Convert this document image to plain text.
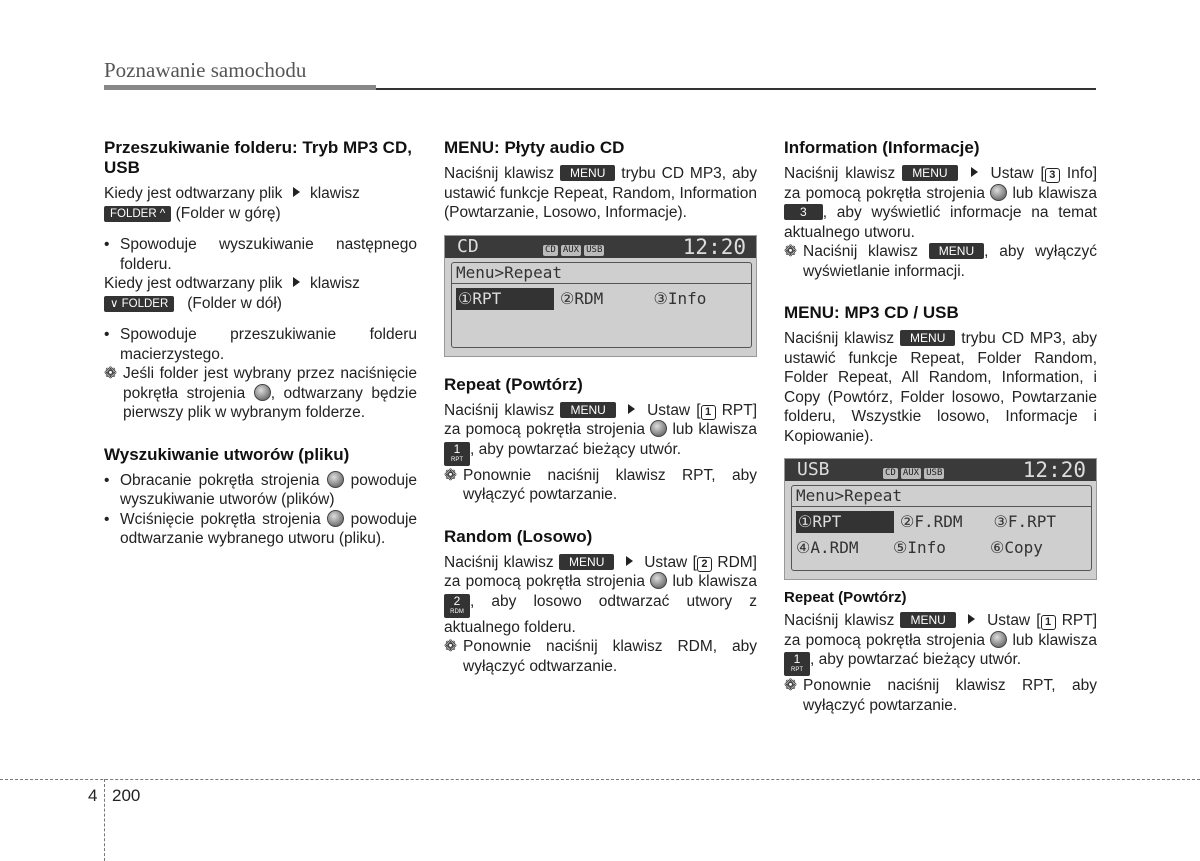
Poznawanie samochodu
Przeszukiwanie folderu: Tryb MP3 CD, USB

Kiedy jest odtwarzany plik klawisz
FOLDER ^ (Folder w górę)

• Spowoduje wyszukiwanie następnego folderu.

Kiedy jest odtwarzany plik klawisz
∨ FOLDER (Folder w dół)

• Spowoduje przeszukiwanie folderu macierzystego.
❁ Jeśli folder jest wybrany przez naciśnięcie pokrętła strojenia , odtwarzany będzie pierwszy plik w wybranym folderze.
Wyszukiwanie utworów (pliku)
• Obracanie pokrętła strojenia powoduje wyszukiwanie utworów (plików)
• Wciśnięcie pokrętła strojenia powoduje odtwarzanie wybranego utworu (pliku).
MENU: Płyty audio CD

Naciśnij klawisz MENU trybu CD MP3, aby ustawić funkcje Repeat, Random, Information (Powtarzanie, Losowo, Informacje).

CD	CD AUX USB	12:20
Menu>Repeat
①RPT	②RDM	③Info
Repeat (Powtórz)

Naciśnij klawisz MENU	Ustaw [ 1 RPT] za pomocą pokrętła strojenia lub klawisza
1
RPT
, aby powtarzać bieżący utwór.

❁ Ponownie naciśnij klawisz RPT, aby wyłączyć powtarzanie.
Random (Losowo)

Naciśnij klawisz MENU	Ustaw [ 2 RDM] za pomocą pokrętła strojenia lub klawisza
2
RDM
, aby losowo odtwarzać utwory z aktualnego folderu.

❁ Ponownie naciśnij klawisz RDM, aby wyłączyć odtwarzanie.
Information (Informacje)

Naciśnij klawisz MENU	Ustaw [ 3 Info] za pomocą pokrętła strojenia lub klawisza 3 , aby wyświetlić informacje na temat aktualnego utworu.

❁ Naciśnij klawisz MENU , aby wyłączyć wyświetlanie informacji.
MENU: MP3 CD / USB

Naciśnij klawisz MENU trybu CD MP3, aby ustawić funkcje Repeat, Folder Random, Folder Repeat, All Random, Information, i Copy (Powtórz, Folder losowo, Powtarzanie folderu, Wszystkie losowo, Informacje i Kopiowanie).

USB	CD AUX USB	12:20
Menu>Repeat
①RPT	②F.RDM	③F.RPT
④A.RDM	⑤Info	⑥Copy
Repeat (Powtórz)

Naciśnij klawisz MENU	Ustaw [ 1 RPT] za pomocą pokrętła strojenia lub klawisza
1
RPT
, aby powtarzać bieżący utwór.

❁ Ponownie naciśnij klawisz RPT, aby wyłączyć powtarzanie.
4 200
